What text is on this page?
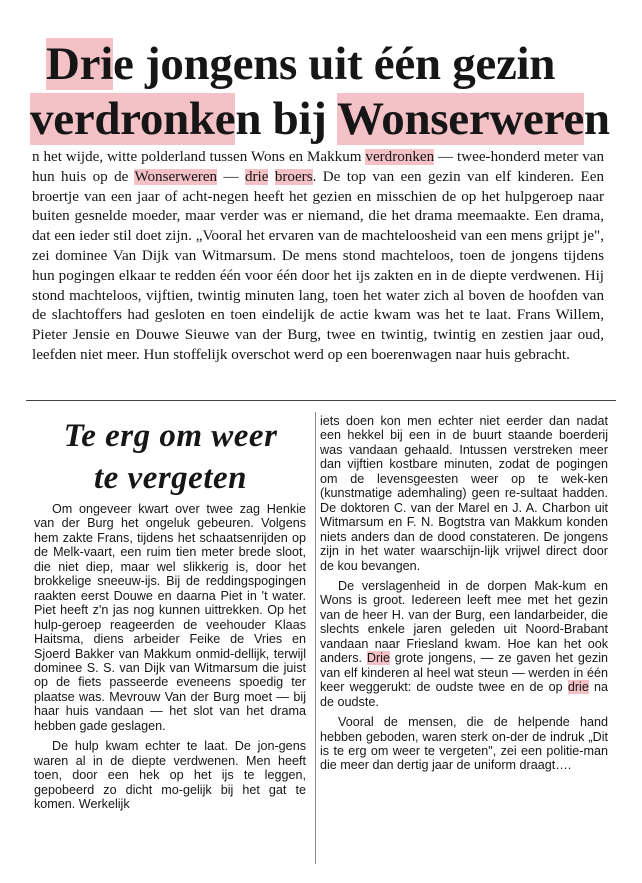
Drie jongens uit één gezin
verdronken bij Wonserweren

n het wijde, witte polderland tussen Wons en Makkum verdronken — twee-honderd meter van hun huis op de Wonserweren — drie broers. De top van een gezin van elf kinderen. Een broertje van een jaar of acht-negen heeft het gezien en misschien de op het hulpgeroep naar buiten gesnelde moeder, maar verder was er niemand, die het drama meemaakte. Een drama, dat een ieder stil doet zijn. „Vooral het ervaren van de machteloosheid van een mens grijpt je", zei dominee Van Dijk van Witmarsum. De mens stond machteloos, toen de jongens tijdens hun pogingen elkaar te redden één voor één door het ijs zakten en in de diepte verdwenen. Hij stond machteloos, vijftien, twintig minuten lang, toen het water zich al boven de hoofden van de slachtoffers had gesloten en toen eindelijk de actie kwam was het te laat. Frans Willem, Pieter Jensie en Douwe Sieuwe van der Burg, twee en twintig, twintig en zestien jaar oud, leefden niet meer. Hun stoffelijk overschot werd op een boerenwagen naar huis gebracht.

Te erg om weer
te vergeten

Om ongeveer kwart over twee zag Henkie van der Burg het ongeluk gebeuren. Volgens hem zakte Frans, tijdens het schaatsenrijden op de Melk-vaart, een ruim tien meter brede sloot, die niet diep, maar wel slikkerig is, door het brokkelige sneeuw-ijs. Bij de reddingspogingen raakten eerst Douwe en daarna Piet in 't water. Piet heeft z'n jas nog kunnen uittrekken. Op het hulp-geroep reageerden de veehouder Klaas Haitsma, diens arbeider Feike de Vries en Sjoerd Bakker van Makkum onmid-dellijk, terwijl dominee S. S. van Dijk van Witmarsum die juist op de fiets passeerde eveneens spoedig ter plaatse was. Mevrouw Van der Burg moet — bij haar huis vandaan — het slot van het drama hebben gade geslagen.

De hulp kwam echter te laat. De jon-gens waren al in de diepte verdwenen. Men heeft toen, door een hek op het ijs te leggen, gepobeerd zo dicht mo-gelijk bij het gat te komen. Werkelijk

iets doen kon men echter niet eerder dan nadat een hekkel bij een in de buurt staande boerderij was vandaan gehaald. Intussen verstreken meer dan vijftien kostbare minuten, zodat de pogingen om de levensgeesten weer op te wek-ken (kunstmatige ademhaling) geen re-sultaat hadden. De doktoren C. van der Marel en J. A. Charbon uit Witmarsum en F. N. Bogtstra van Makkum konden niets anders dan de dood constateren. De jongens zijn in het water waarschijn-lijk vrijwel direct door de kou bevangen.

De verslagenheid in de dorpen Mak-kum en Wons is groot. Iedereen leeft mee met het gezin van de heer H. van der Burg, een landarbeider, die slechts enkele jaren geleden uit Noord-Brabant vandaan naar Friesland kwam. Hoe kan het ook anders. Drie grote jongens, — ze gaven het gezin van elf kinderen al heel wat steun — werden in één keer weggerukt: de oudste twee en de op drie na de oudste.

Vooral de mensen, die de helpende hand hebben geboden, waren sterk on-der de indruk „Dit is te erg om weer te vergeten", zei een politie-man die meer dan dertig jaar de uniform draagt….
